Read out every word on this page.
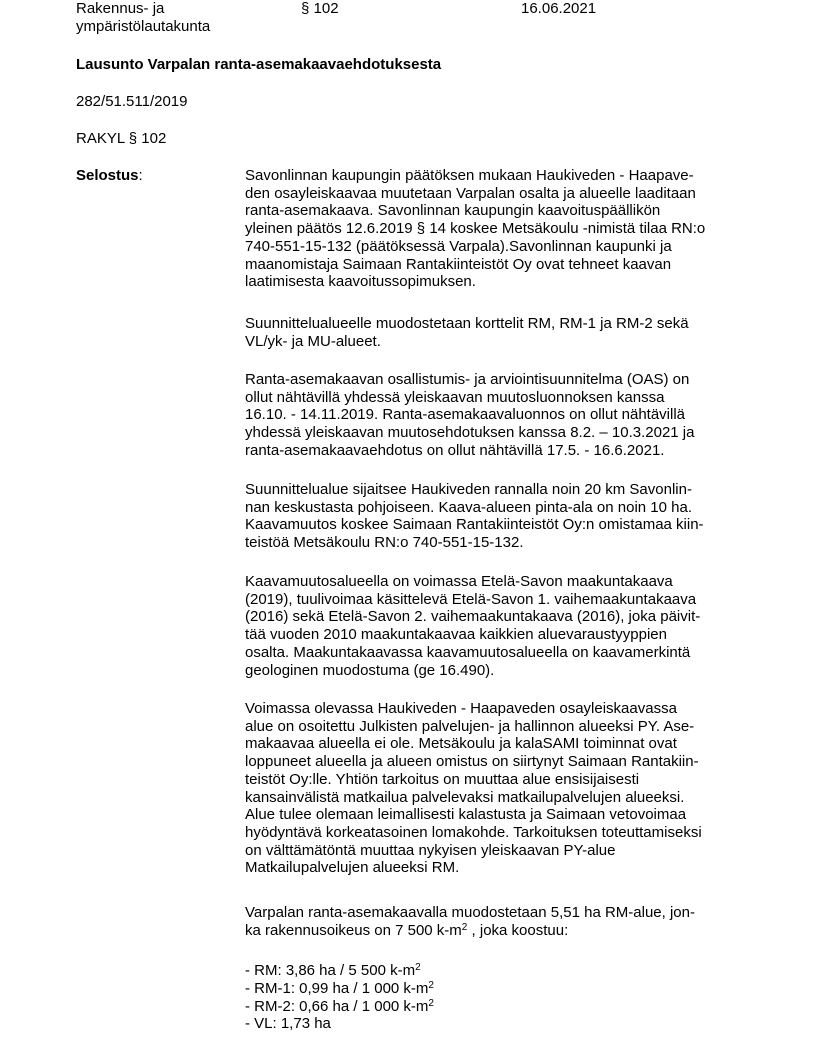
Rakennus- ja
ympäristölautakunta
§ 102	16.06.2021
Lausunto Varpalan ranta-asemakaavaehdotuksesta
282/51.511/2019
RAKYL § 102
Selostus:	Savonlinnan kaupungin päätöksen mukaan Haukiveden - Haapave-
den osayleiskaavaa muutetaan Varpalan osalta ja alueelle laaditaan
ranta-asemakaava. Savonlinnan kaupungin kaavoituspäällikön
yleinen päätös 12.6.2019 § 14 koskee Metsäkoulu -nimistä tilaa RN:o
740-551-15-132 (päätöksessä Varpala).Savonlinnan kaupunki ja
maanomistaja Saimaan Rantakiinteistöt Oy ovat tehneet kaavan
laatimisesta kaavoitussopimuksen.
Suunnittelualueelle muodostetaan korttelit RM, RM-1 ja RM-2 sekä
VL/yk- ja MU-alueet.
Ranta-asemakaavan osallistumis- ja arviointisuunnitelma (OAS) on
ollut nähtävillä yhdessä yleiskaavan muutosluonnoksen kanssa
16.10. - 14.11.2019. Ranta-asemakaavaluonnos on ollut nähtävillä
yhdessä yleiskaavan muutosehdotuksen kanssa 8.2. – 10.3.2021 ja
ranta-asemakaavaehdotus on ollut nähtävillä 17.5. - 16.6.2021.
Suunnittelualue sijaitsee Haukiveden rannalla noin 20 km Savonlin-
nan keskustasta pohjoiseen. Kaava-alueen pinta-ala on noin 10 ha.
Kaavamuutos koskee Saimaan Rantakiinteistöt Oy:n omistamaa kiin-
teistöä Metsäkoulu RN:o 740-551-15-132.
Kaavamuutosalueella on voimassa Etelä-Savon maakuntakaava
(2019), tuulivoimaa käsittelevä Etelä-Savon 1. vaihemaakuntakaava
(2016) sekä Etelä-Savon 2. vaihemaakuntakaava (2016), joka päivit-
tää vuoden 2010 maakuntakaavaa kaikkien aluevaraustyyppien
osalta. Maakuntakaavassa kaavamuutosalueella on kaavamerkintä
geologinen muodostuma (ge 16.490).
Voimassa olevassa Haukiveden - Haapaveden osayleiskaavassa
alue on osoitettu Julkisten palvelujen- ja hallinnon alueeksi PY. Ase-
makaavaa alueella ei ole. Metsäkoulu ja kalaSAMI toiminnat ovat
loppuneet alueella ja alueen omistus on siirtynyt Saimaan Rantakiin-
teistöt Oy:lle. Yhtiön tarkoitus on muuttaa alue ensisijaisesti
kansainvälistä matkailua palvelevaksi matkailupalvelujen alueeksi.
Alue tulee olemaan leimallisesti kalastusta ja Saimaan vetovoimaa
hyödyntävä korkeatasoinen lomakohde. Tarkoituksen toteuttamiseksi
on välttämätöntä muuttaa nykyisen yleiskaavan PY-alue
Matkailupalvelujen alueeksi RM.
Varpalan ranta-asemakaavalla muodostetaan 5,51 ha RM-alue, jon-
ka rakennusoikeus on 7 500 $k-m^2$ , joka koostuu:
- RM: 3,86 ha / 5 500 $k-m^2$
- RM-1: 0,99 ha / 1 000 $k-m^2$
- RM-2: 0,66 ha / 1 000 $k-m^2$
- VL: 1,73 ha
